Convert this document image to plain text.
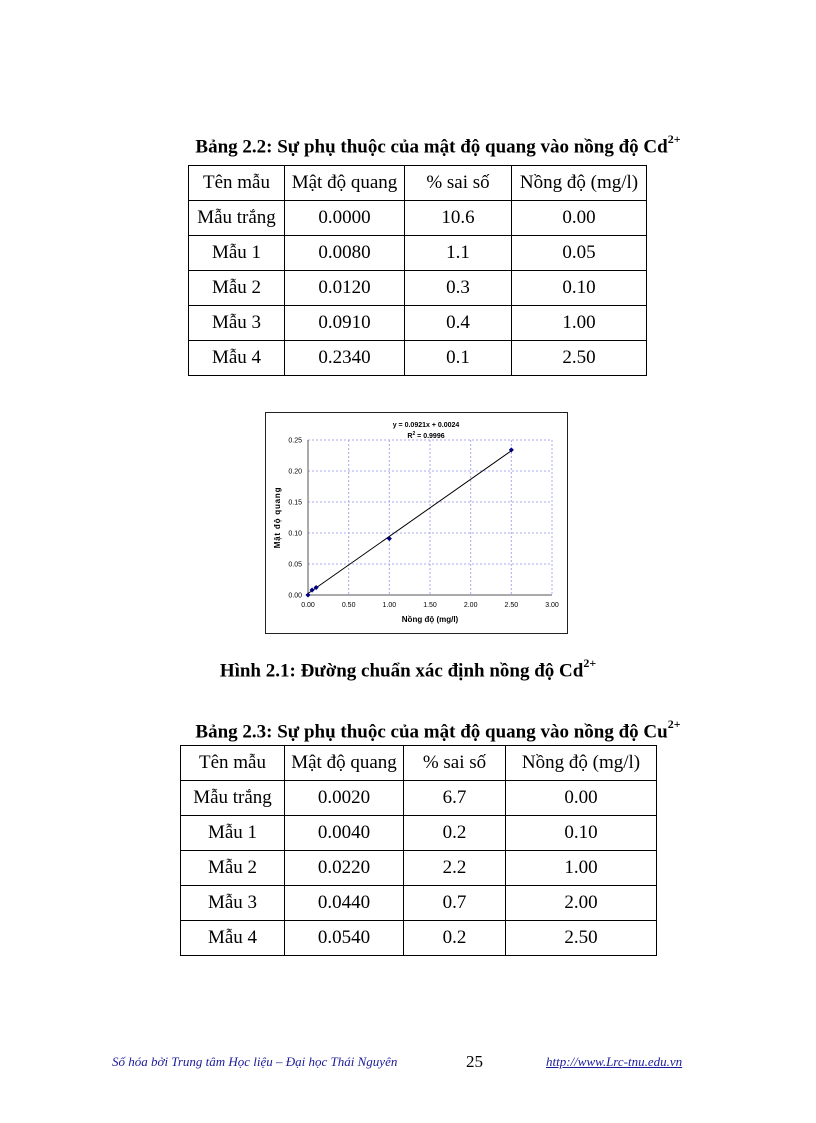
Bảng 2.2: Sự phụ thuộc của mật độ quang vào nồng độ $Cd^{2+}$
Tên mẫu	Mật độ quang	% sai số	Nồng độ (mg/l)
Mẫu trắng	0.0000	10.6	0.00
Mẫu 1	0.0080	1.1	0.05
Mẫu 2	0.0120	0.3	0.10
Mẫu 3	0.0910	0.4	1.00
Mẫu 4	0.2340	0.1	2.50
0.00	0.50	1.00	1.50	2.00	2.50	3.00
0.00
0.05
0.10
0.15
0.20
0.25
Nồng độ (mg/l)
Mật độ quang
y = 0.0921x + 0.0024
$R^2 = 0.9996$
Hình 2.1: Đường chuẩn xác định nồng độ $Cd^{2+}$
Bảng 2.3: Sự phụ thuộc của mật độ quang vào nồng độ $Cu^{2+}$
Tên mẫu	Mật độ quang	% sai số	Nồng độ (mg/l)
Mẫu trắng	0.0020	6.7	0.00
Mẫu 1	0.0040	0.2	0.10
Mẫu 2	0.0220	2.2	1.00
Mẫu 3	0.0440	0.7	2.00
Mẫu 4	0.0540	0.2	2.50
Số hóa bởi Trung tâm Học liệu – Đại học Thái Nguyên	25	http://www.Lrc-tnu.edu.vn
